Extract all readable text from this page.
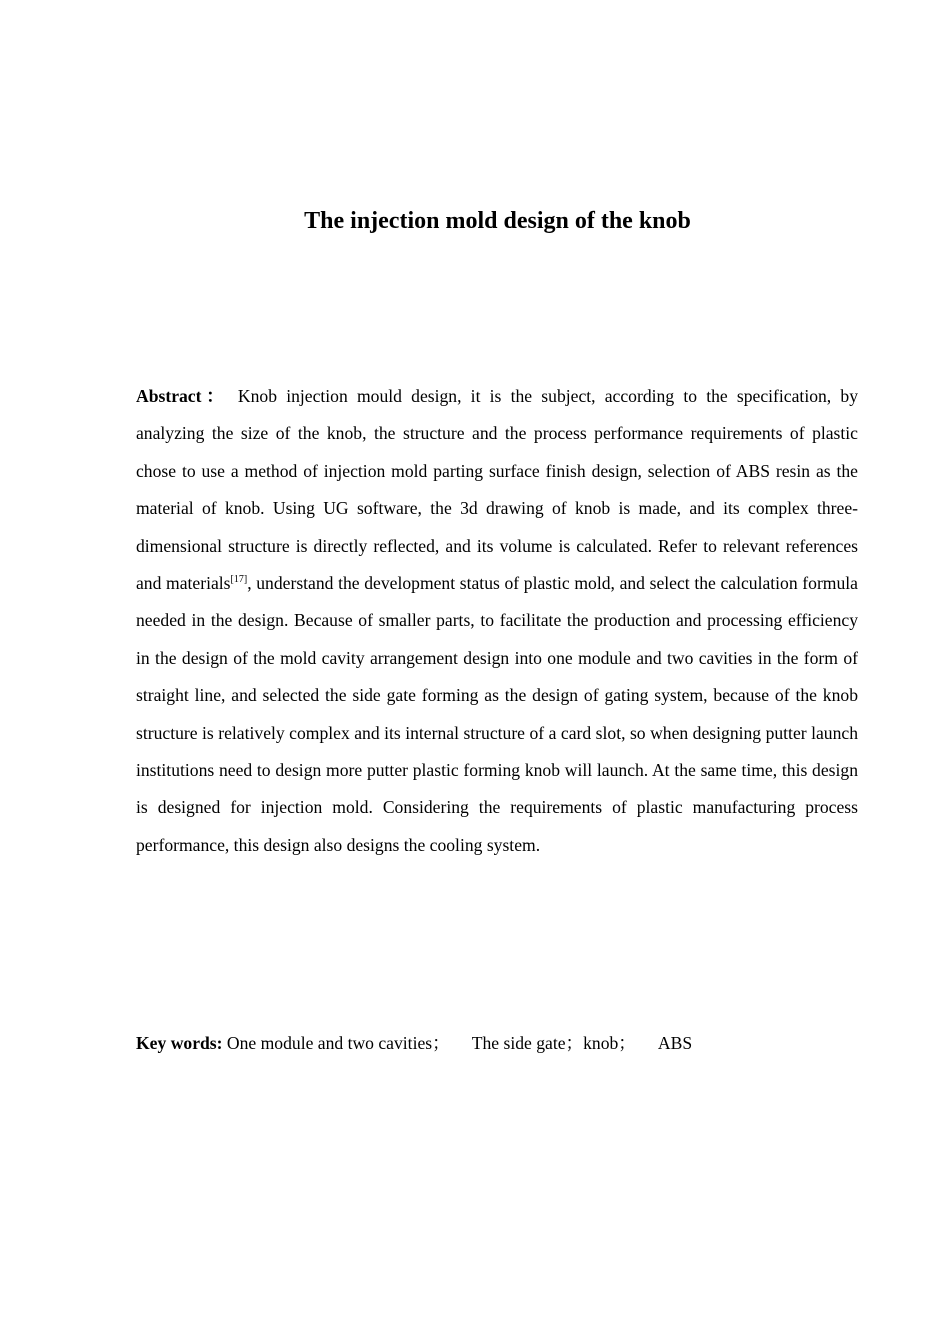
The injection mold design of the knob

Abstract： Knob injection mould design, it is the subject, according to the specification, by analyzing the size of the knob, the structure and the process performance requirements of plastic chose to use a method of injection mold parting surface finish design, selection of ABS resin as the material of knob. Using UG software, the 3d drawing of knob is made, and its complex three-dimensional structure is directly reflected, and its volume is calculated. Refer to relevant references and materials[17], understand the development status of plastic mold, and select the calculation formula needed in the design. Because of smaller parts, to facilitate the production and processing efficiency in the design of the mold cavity arrangement design into one module and two cavities in the form of straight line, and selected the side gate forming as the design of gating system, because of the knob structure is relatively complex and its internal structure of a card slot, so when designing putter launch institutions need to design more putter plastic forming knob will launch. At the same time, this design is designed for injection mold. Considering the requirements of plastic manufacturing process performance, this design also designs the cooling system.

Key words: One module and two cavities； The side gate；knob； ABS
